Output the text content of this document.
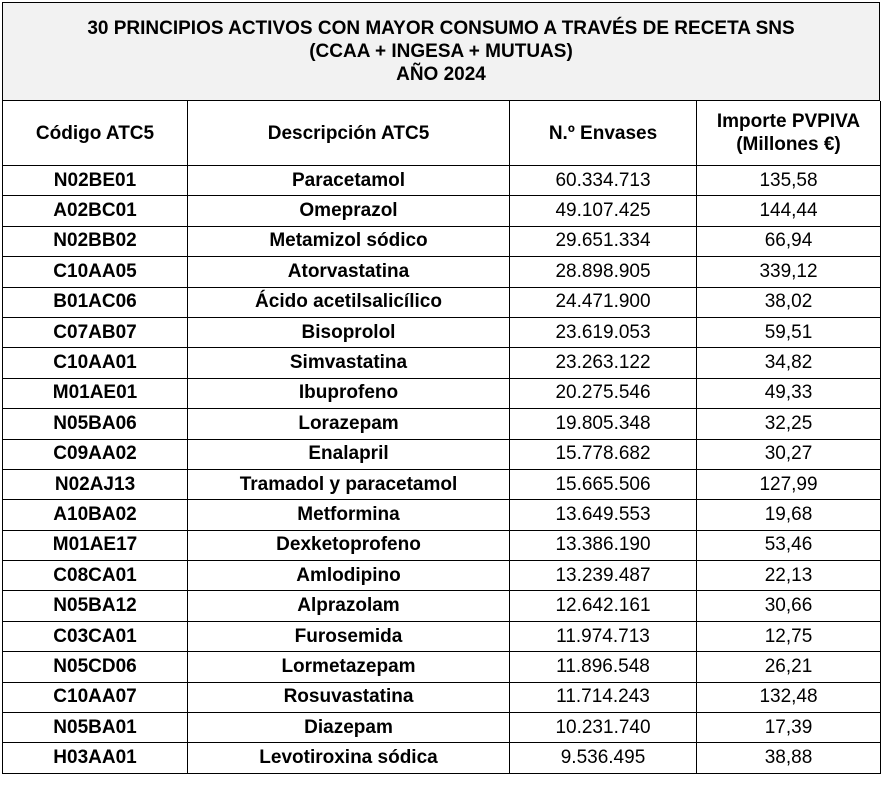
30 PRINCIPIOS ACTIVOS CON MAYOR CONSUMO A TRAVÉS DE RECETA SNS
(CCAA + INGESA + MUTUAS)
AÑO 2024
Código ATC5	Descripción ATC5	N.º Envases	Importe PVPIVA
(Millones €)

N02BE01	Paracetamol	60.334.713	135,58
A02BC01	Omeprazol	49.107.425	144,44
N02BB02	Metamizol sódico	29.651.334	66,94
C10AA05	Atorvastatina	28.898.905	339,12
B01AC06	Ácido acetilsalicílico	24.471.900	38,02
C07AB07	Bisoprolol	23.619.053	59,51
C10AA01	Simvastatina	23.263.122	34,82
M01AE01	Ibuprofeno	20.275.546	49,33
N05BA06	Lorazepam	19.805.348	32,25
C09AA02	Enalapril	15.778.682	30,27
N02AJ13	Tramadol y paracetamol	15.665.506	127,99
A10BA02	Metformina	13.649.553	19,68
M01AE17	Dexketoprofeno	13.386.190	53,46
C08CA01	Amlodipino	13.239.487	22,13
N05BA12	Alprazolam	12.642.161	30,66
C03CA01	Furosemida	11.974.713	12,75
N05CD06	Lormetazepam	11.896.548	26,21
C10AA07	Rosuvastatina	11.714.243	132,48
N05BA01	Diazepam	10.231.740	17,39
H03AA01	Levotiroxina sódica	9.536.495	38,88
